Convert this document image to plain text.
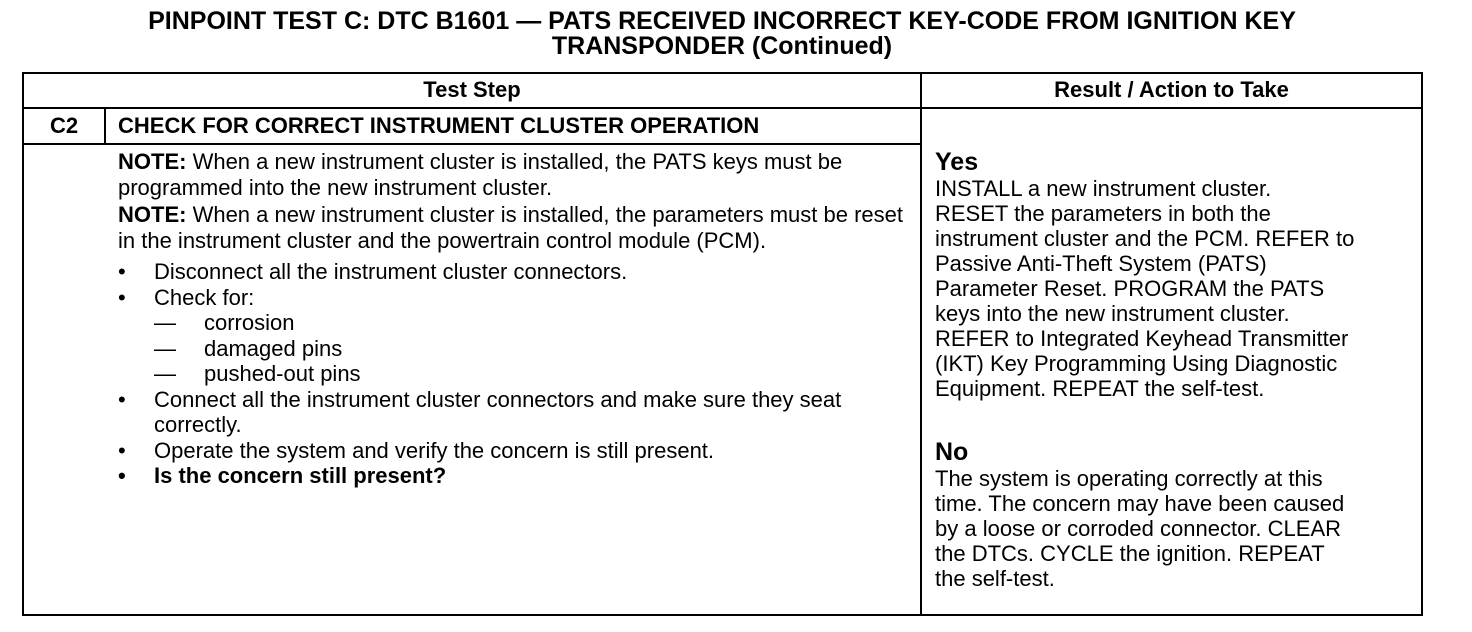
PINPOINT TEST C: DTC B1601 — PATS RECEIVED INCORRECT KEY-CODE FROM IGNITION KEY
TRANSPONDER (Continued)
Test Step	Result / Action to Take
C2	CHECK FOR CORRECT INSTRUMENT CLUSTER OPERATION

NOTE: When a new instrument cluster is installed, the PATS keys must be programmed into the new instrument cluster.

NOTE: When a new instrument cluster is installed, the parameters must be reset in the instrument cluster and the powertrain control module (PCM).

• Disconnect all the instrument cluster connectors.
• Check for:
— corrosion
— damaged pins
— pushed-out pins
• Connect all the instrument cluster connectors and make sure they seat correctly.
• Operate the system and verify the concern is still present.
• Is the concern still present?
Yes
INSTALL a new instrument cluster.
RESET the parameters in both the
instrument cluster and the PCM. REFER to
Passive Anti-Theft System (PATS)
Parameter Reset. PROGRAM the PATS
keys into the new instrument cluster.
REFER to Integrated Keyhead Transmitter
(IKT) Key Programming Using Diagnostic
Equipment. REPEAT the self-test.
No
The system is operating correctly at this
time. The concern may have been caused
by a loose or corroded connector. CLEAR
the DTCs. CYCLE the ignition. REPEAT
the self-test.
